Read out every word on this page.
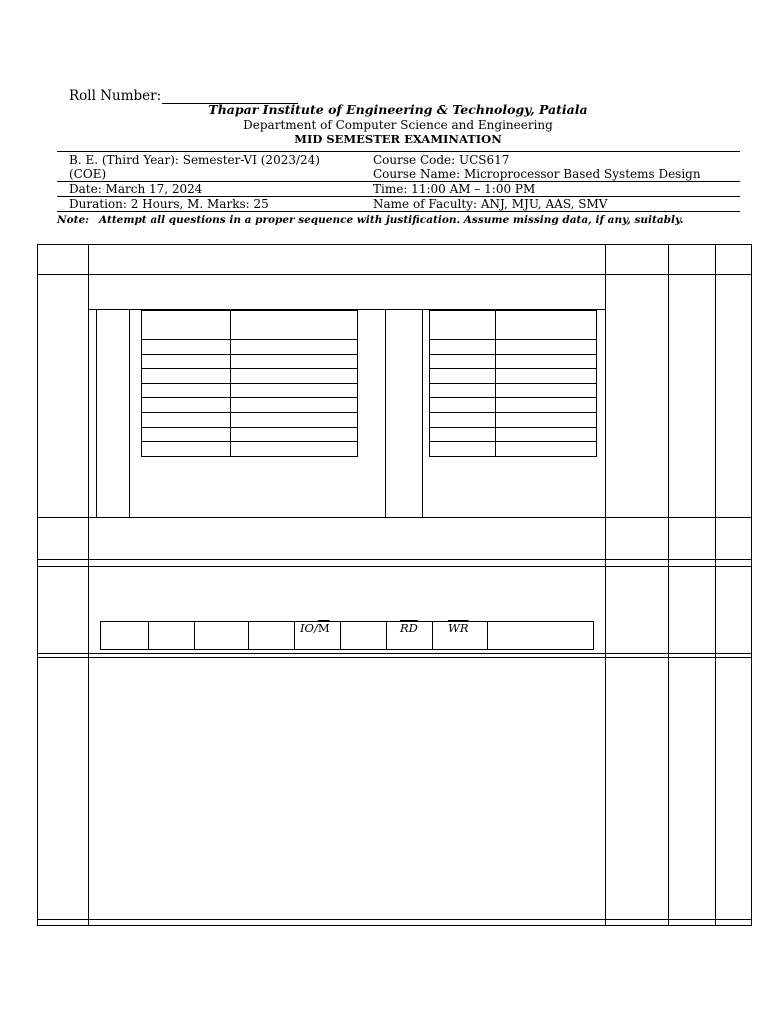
Roll Number:
Thapar Institute of Engineering & Technology, Patiala
Department of Computer Science and Engineering
MID SEMESTER EXAMINATION
B. E. (Third Year): Semester-VI (2023/24)
(COE)
Date: March 17, 2024
Duration: 2 Hours, M. Marks: 25
Course Code: UCS617
Course Name: Microprocessor Based Systems Design
Time: 11:00 AM – 1:00 PM
Name of Faculty: ANJ, MJU, AAS, SMV
Note: Attempt all questions in a proper sequence with justification. Assume missing data, if any, suitably.
$IO/\overline{M}$	$\overline{RD}$	$\overline{WR}$
